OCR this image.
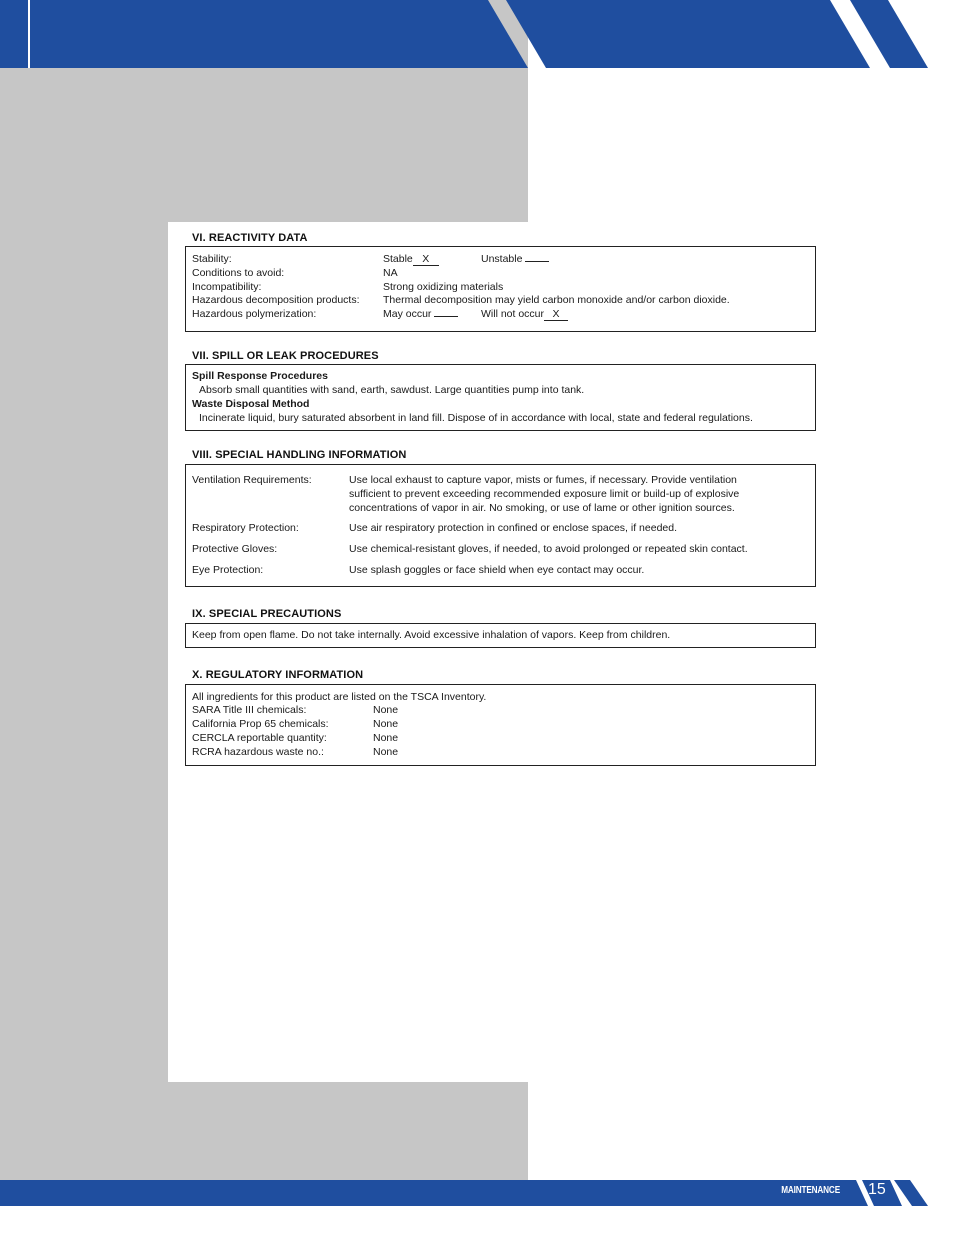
VI. REACTIVITY DATA
Stability:	Stable X	Unstable
Conditions to avoid:	NA
Incompatibility:	Strong oxidizing materials
Hazardous decomposition products: Thermal decomposition may yield carbon monoxide and/or carbon dioxide.
Hazardous polymerization:	May occur	Will not occur X
VII. SPILL OR LEAK PROCEDURES
Spill Response Procedures
Absorb small quantities with sand, earth, sawdust. Large quantities pump into tank.
Waste Disposal Method
Incinerate liquid, bury saturated absorbent in land fill. Dispose of in accordance with local, state and federal regulations.
VIII. SPECIAL HANDLING INFORMATION
Ventilation Requirements:	Use local exhaust to capture vapor, mists or fumes, if necessary. Provide ventilation
sufficient to prevent exceeding recommended exposure limit or build-up of explosive
concentrations of vapor in air. No smoking, or use of lame or other ignition sources.
Respiratory Protection:	Use air respiratory protection in confined or enclose spaces, if needed.
Protective Gloves:	Use chemical-resistant gloves, if needed, to avoid prolonged or repeated skin contact.
Eye Protection:	Use splash goggles or face shield when eye contact may occur.
IX. SPECIAL PRECAUTIONS
Keep from open flame. Do not take internally. Avoid excessive inhalation of vapors. Keep from children.
X. REGULATORY INFORMATION
All ingredients for this product are listed on the TSCA Inventory.
SARA Title III chemicals:	None
California Prop 65 chemicals:	None
CERCLA reportable quantity:	None
RCRA hazardous waste no.:	None
MAINTENANCE 15
